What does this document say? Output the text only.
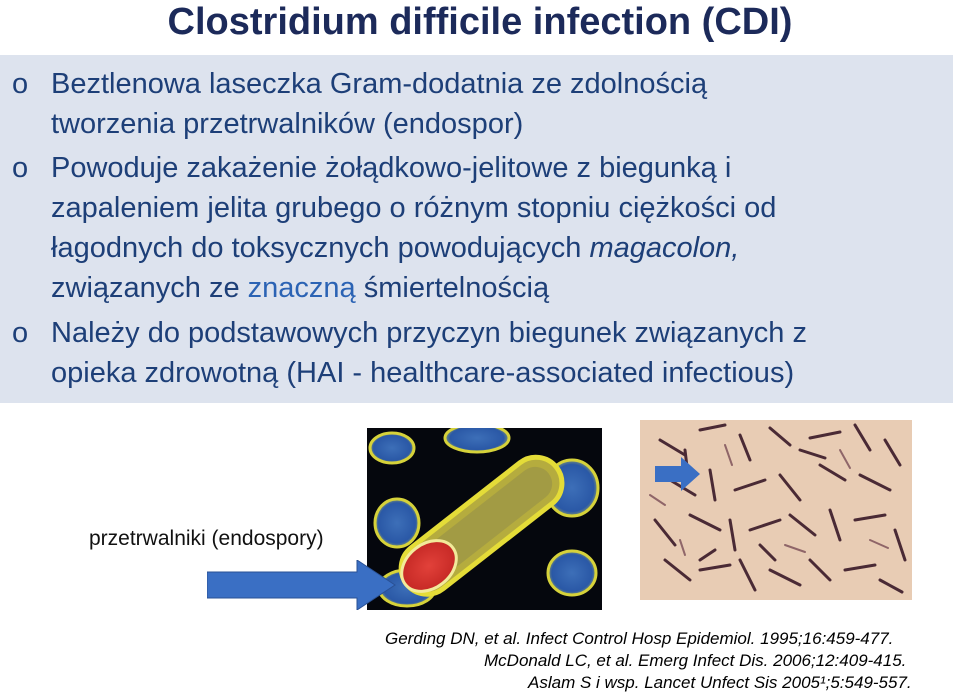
Clostridium difficile infection (CDI)
o Beztlenowa laseczka Gram-dodatnia ze zdolnością
tworzenia przetrwalników (endospor)
o Powoduje zakażenie żołądkowo-jelitowe z biegunką i
zapaleniem jelita grubego o różnym stopniu ciężkości od
łagodnych do toksycznych powodujących magacolon,
związanych ze znaczną śmiertelnością
o Należy do podstawowych przyczyn biegunek związanych z
opieka zdrowotną (HAI - healthcare-associated infectious)
przetrwalniki (endospory)
Gerding DN, et al. Infect Control Hosp Epidemiol. 1995;16:459-477.
McDonald LC, et al. Emerg Infect Dis. 2006;12:409-415.
Aslam S i wsp. Lancet Unfect Sis 2005¹;5:549-557.
